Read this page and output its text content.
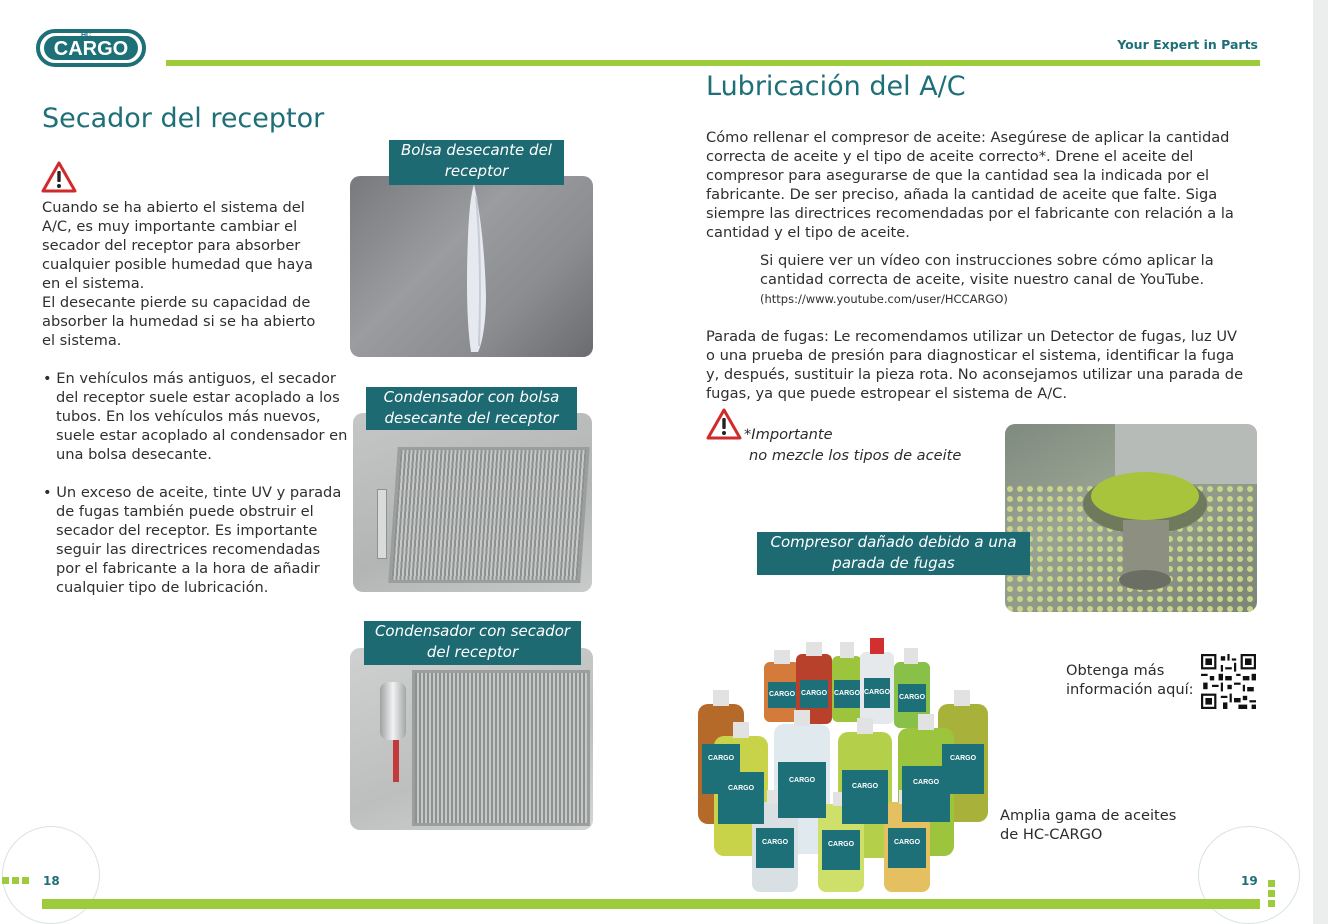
CARGO
HC
Your Expert in Parts
Secador del receptor
Cuando se ha abierto el sistema del A/C, es muy importante cambiar el secador del receptor para absorber cualquier posible humedad que haya en el sistema.
El desecante pierde su capacidad de absorber la humedad si se ha abierto el sistema.
• En vehículos más antiguos, el secador del receptor suele estar acoplado a los tubos. En los vehículos más nuevos, suele estar acoplado al condensador en una bolsa desecante.
• Un exceso de aceite, tinte UV y parada de fugas también puede obstruir el secador del receptor. Es importante seguir las directrices recomendadas por el fabricante a la hora de añadir cualquier tipo de lubricación.
Bolsa desecante del
receptor
Condensador con bolsa
desecante del receptor
Condensador con secador
del receptor
Lubricación del A/C
Cómo rellenar el compresor de aceite: Asegúrese de aplicar la cantidad correcta de aceite y el tipo de aceite correcto*. Drene el aceite del compresor para asegurarse de que la cantidad sea la indicada por el fabricante. De ser preciso, añada la cantidad de aceite que falte. Siga siempre las directrices recomendadas por el fabricante con relación a la cantidad y el tipo de aceite.
Si quiere ver un vídeo con instrucciones sobre cómo aplicar la cantidad correcta de aceite, visite nuestro canal de YouTube. (https://www.youtube.com/user/HCCARGO)
Parada de fugas: Le recomendamos utilizar un Detector de fugas, luz UV o una prueba de presión para diagnosticar el sistema, identificar la fuga y, después, sustituir la pieza rota. No aconsejamos utilizar una parada de fugas, ya que puede estropear el sistema de A/C.
*Importante
no mezcle los tipos de aceite
Compresor dañado debido a una
parada de fugas
Obtenga más
información aquí:
CARGO CARGO CARGO CARGO
CARGO
CARGO	CARGO
CARGO
CARGO
CARGO
CARGO
CARGO	CARGO	CARGO
Amplia gama de aceites
de HC-CARGO
18	19
